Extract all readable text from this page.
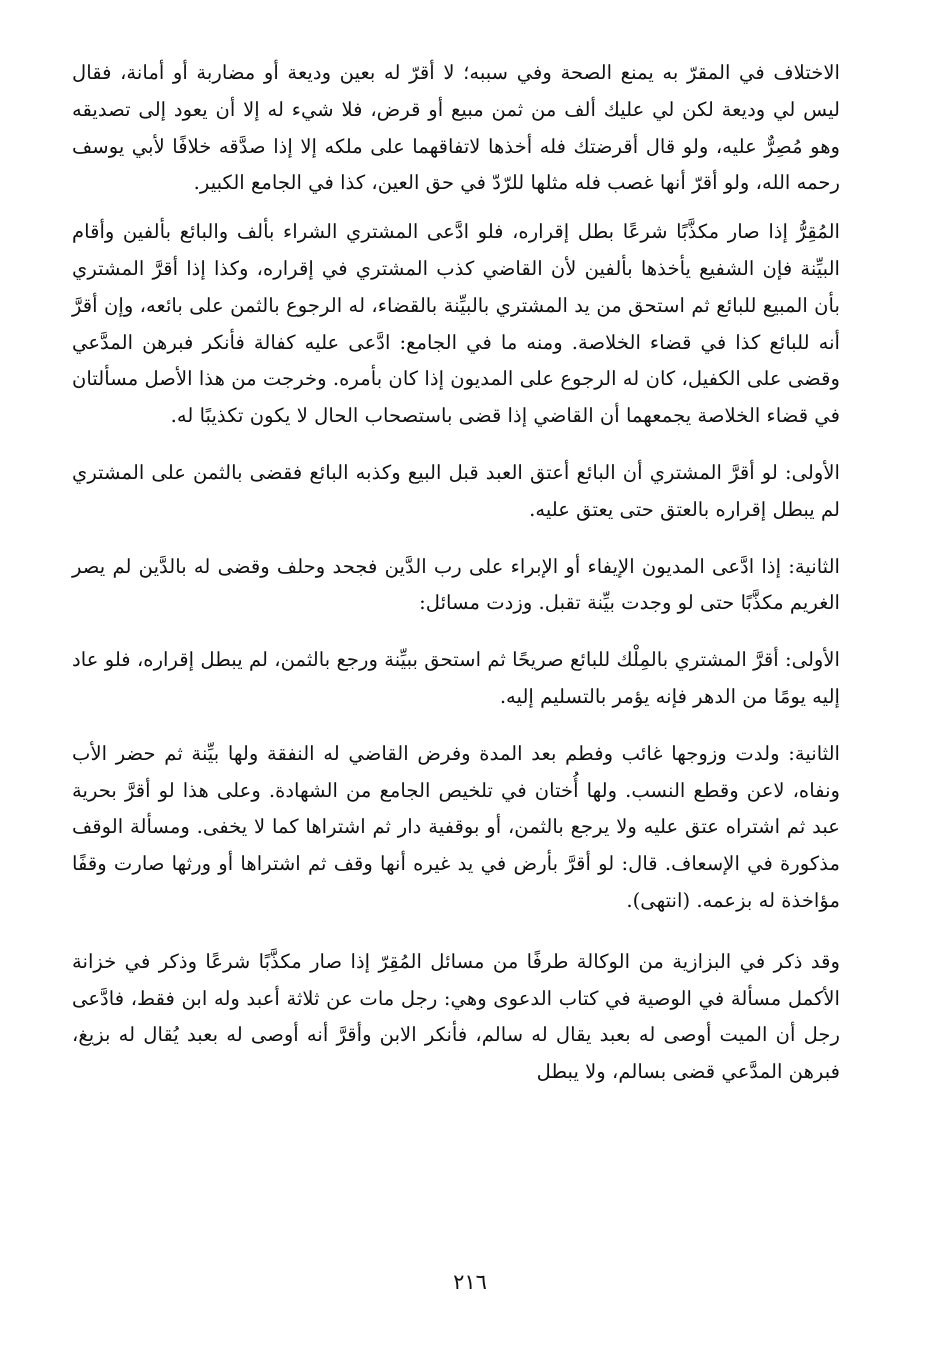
الاختلاف في المقرّ به يمنع الصحة وفي سببه؛ لا أقرّ له بعين وديعة أو مضاربة أو أمانة، فقال ليس لي وديعة لكن لي عليك ألف من ثمن مبيع أو قرض، فلا شيء له إلا أن يعود إلى تصديقه وهو مُصِرٌّ عليه، ولو قال أقرضتك فله أخذها لاتفاقهما على ملكه إلا إذا صدَّقه خلافًا لأبي يوسف رحمه الله، ولو أقرّ أنها غصب فله مثلها للرّدّ في حق العين، كذا في الجامع الكبير.

المُقِرُّ إذا صار مكذَّبًا شرعًا بطل إقراره، فلو ادَّعى المشتري الشراء بألف والبائع بألفين وأقام البيِّنة فإن الشفيع يأخذها بألفين لأن القاضي كذب المشتري في إقراره، وكذا إذا أقرَّ المشتري بأن المبيع للبائع ثم استحق من يد المشتري بالبيِّنة بالقضاء، له الرجوع بالثمن على بائعه، وإن أقرَّ أنه للبائع كذا في قضاء الخلاصة. ومنه ما في الجامع: ادَّعى عليه كفالة فأنكر فبرهن المدَّعي وقضى على الكفيل، كان له الرجوع على المديون إذا كان بأمره. وخرجت من هذا الأصل مسألتان في قضاء الخلاصة يجمعهما أن القاضي إذا قضى باستصحاب الحال لا يكون تكذيبًا له.

الأولى: لو أقرَّ المشتري أن البائع أعتق العبد قبل البيع وكذبه البائع فقضى بالثمن على المشتري لم يبطل إقراره بالعتق حتى يعتق عليه.

الثانية: إذا ادَّعى المديون الإيفاء أو الإبراء على رب الدَّين فجحد وحلف وقضى له بالدَّين لم يصر الغريم مكذَّبًا حتى لو وجدت بيِّنة تقبل. وزدت مسائل:

الأولى: أقرَّ المشتري بالمِلْك للبائع صريحًا ثم استحق ببيِّنة ورجع بالثمن، لم يبطل إقراره، فلو عاد إليه يومًا من الدهر فإنه يؤمر بالتسليم إليه.

الثانية: ولدت وزوجها غائب وفطم بعد المدة وفرض القاضي له النفقة ولها بيِّنة ثم حضر الأب ونفاه، لاعن وقطع النسب. ولها أُختان في تلخيص الجامع من الشهادة. وعلى هذا لو أقرَّ بحرية عبد ثم اشتراه عتق عليه ولا يرجع بالثمن، أو بوقفية دار ثم اشتراها كما لا يخفى. ومسألة الوقف مذكورة في الإسعاف. قال: لو أقرَّ بأرض في يد غيره أنها وقف ثم اشتراها أو ورثها صارت وقفًا مؤاخذة له بزعمه. (انتهى).

وقد ذكر في البزازية من الوكالة طرفًا من مسائل المُقِرّ إذا صار مكذَّبًا شرعًا وذكر في خزانة الأكمل مسألة في الوصية في كتاب الدعوى وهي: رجل مات عن ثلاثة أعبد وله ابن فقط، فادَّعى رجل أن الميت أوصى له بعبد يقال له سالم، فأنكر الابن وأقرَّ أنه أوصى له بعبد يُقال له بزيغ، فبرهن المدَّعي قضى بسالم، ولا يبطل

٢١٦
